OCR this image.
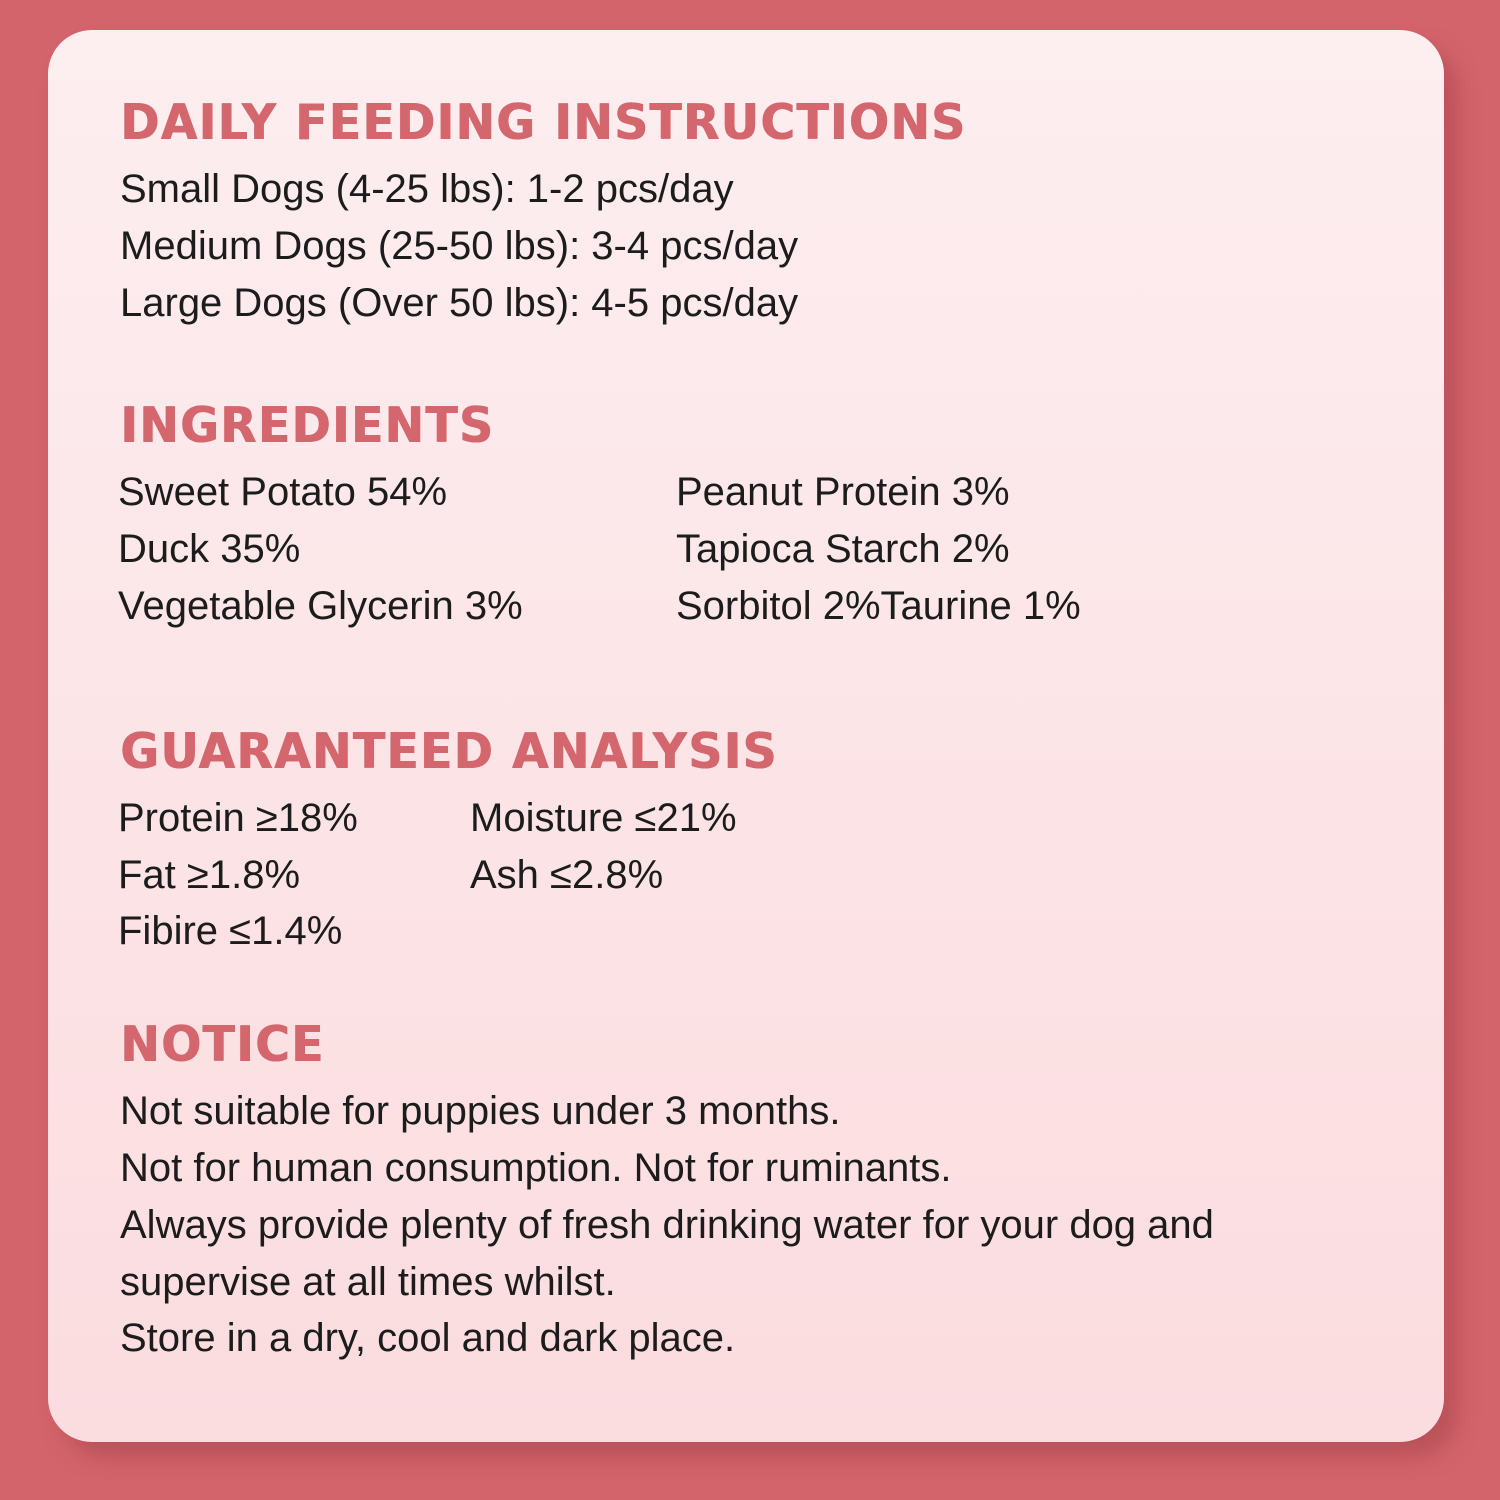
DAILY FEEDING INSTRUCTIONS
Small Dogs (4-25 lbs): 1-2 pcs/day
Medium Dogs (25-50 lbs): 3-4 pcs/day
Large Dogs (Over 50 lbs): 4-5 pcs/day
INGREDIENTS
Sweet Potato 54%
Duck 35%
Vegetable Glycerin 3%
Peanut Protein 3%
Tapioca Starch 2%
Sorbitol 2%Taurine 1%
GUARANTEED ANALYSIS
Protein ≥18%
Fat ≥1.8%
Fibire ≤1.4%
Moisture ≤21%
Ash ≤2.8%
NOTICE
Not suitable for puppies under 3 months.
Not for human consumption. Not for ruminants.
Always provide plenty of fresh drinking water for your dog and supervise at all times whilst.
Store in a dry, cool and dark place.
